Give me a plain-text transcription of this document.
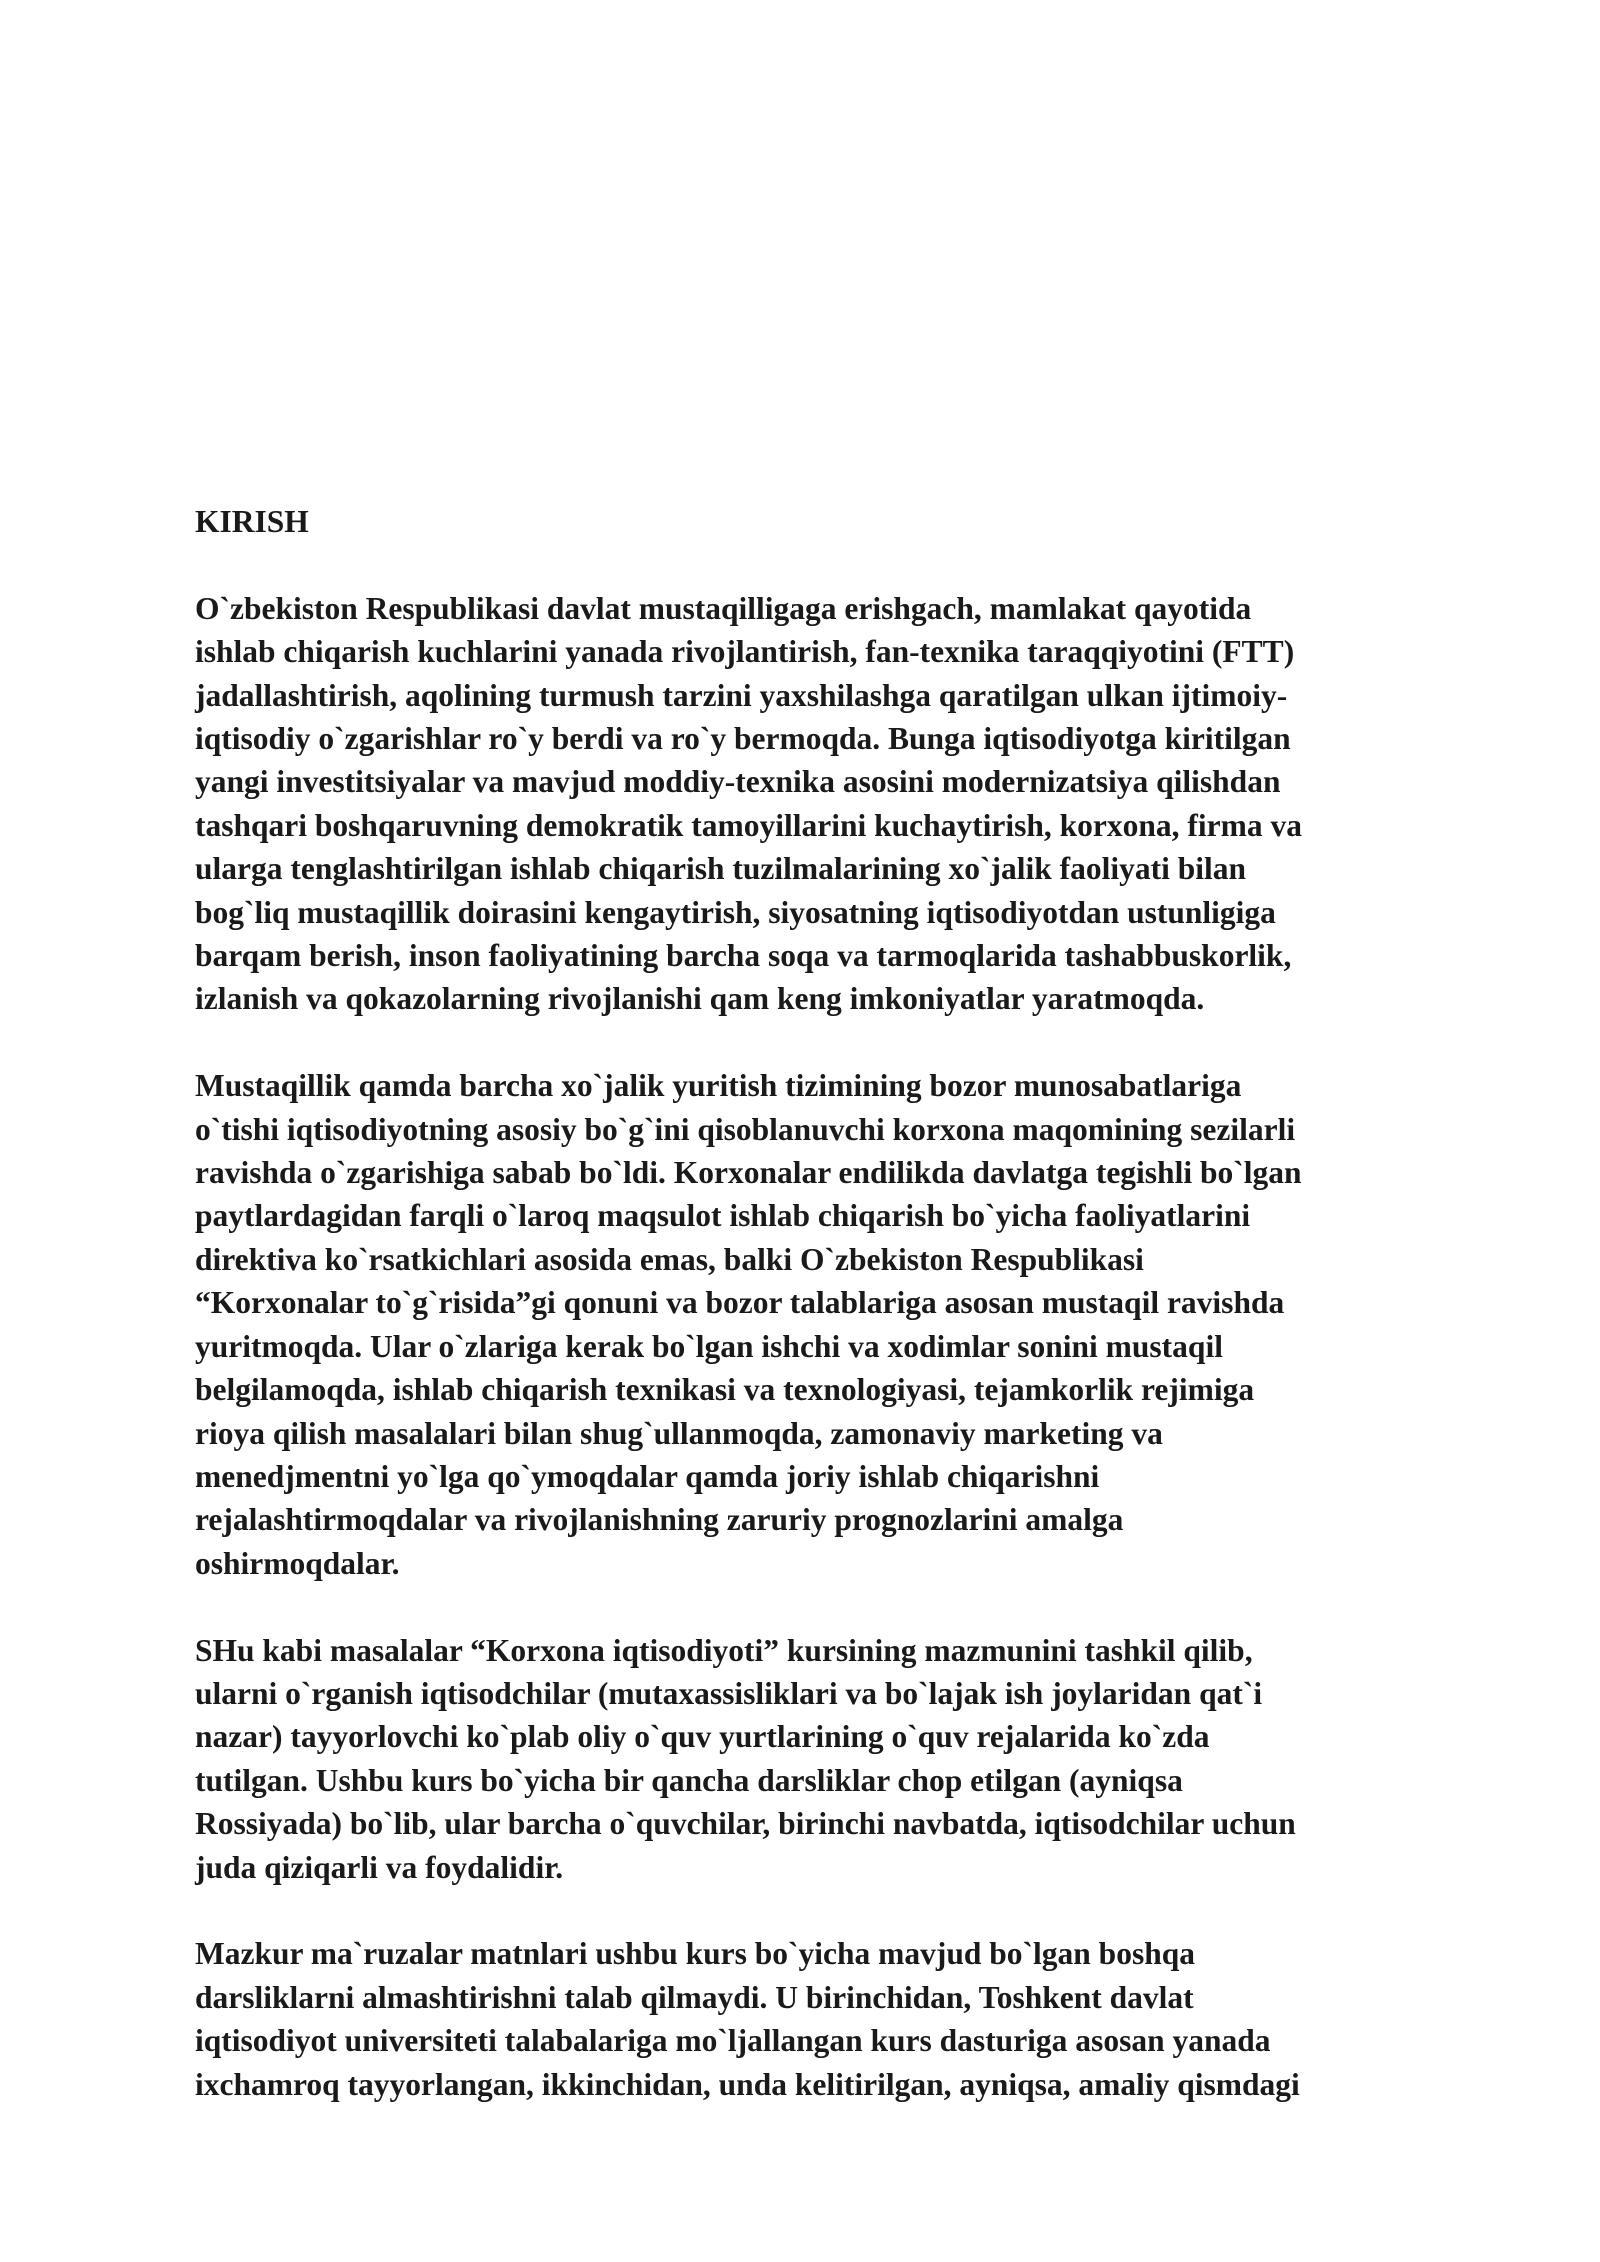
KIRISH

O`zbekiston Respublikasi davlat mustaqilligaga erishgach, mamlakat qayotida
ishlab chiqarish kuchlarini yanada rivojlantirish, fan-texnika taraqqiyotini (FTT)
jadallashtirish, aqolining turmush tarzini yaxshilashga qaratilgan ulkan ijtimoiy-
iqtisodiy o`zgarishlar ro`y berdi va ro`y bermoqda. Bunga iqtisodiyotga kiritilgan
yangi investitsiyalar va mavjud moddiy-texnika asosini modernizatsiya qilishdan
tashqari boshqaruvning demokratik tamoyillarini kuchaytirish, korxona, firma va
ularga tenglashtirilgan ishlab chiqarish tuzilmalarining xo`jalik faoliyati bilan
bog`liq mustaqillik doirasini kengaytirish, siyosatning iqtisodiyotdan ustunligiga
barqam berish, inson faoliyatining barcha soqa va tarmoqlarida tashabbuskorlik,
izlanish va qokazolarning rivojlanishi qam keng imkoniyatlar yaratmoqda.

Mustaqillik qamda barcha xo`jalik yuritish tizimining bozor munosabatlariga
o`tishi iqtisodiyotning asosiy bo`g`ini qisoblanuvchi korxona maqomining sezilarli
ravishda o`zgarishiga sabab bo`ldi. Korxonalar endilikda davlatga tegishli bo`lgan
paytlardagidan farqli o`laroq maqsulot ishlab chiqarish bo`yicha faoliyatlarini
direktiva ko`rsatkichlari asosida emas, balki O`zbekiston Respublikasi
“Korxonalar to`g`risida”gi qonuni va bozor talablariga asosan mustaqil ravishda
yuritmoqda. Ular o`zlariga kerak bo`lgan ishchi va xodimlar sonini mustaqil
belgilamoqda, ishlab chiqarish texnikasi va texnologiyasi, tejamkorlik rejimiga
rioya qilish masalalari bilan shug`ullanmoqda, zamonaviy marketing va
menedjmentni yo`lga qo`ymoqdalar qamda joriy ishlab chiqarishni
rejalashtirmoqdalar va rivojlanishning zaruriy prognozlarini amalga
oshirmoqdalar.

SHu kabi masalalar “Korxona iqtisodiyoti” kursining mazmunini tashkil qilib,
ularni o`rganish iqtisodchilar (mutaxassisliklari va bo`lajak ish joylaridan qat`i
nazar) tayyorlovchi ko`plab oliy o`quv yurtlarining o`quv rejalarida ko`zda
tutilgan. Ushbu kurs bo`yicha bir qancha darsliklar chop etilgan (ayniqsa
Rossiyada) bo`lib, ular barcha o`quvchilar, birinchi navbatda, iqtisodchilar uchun
juda qiziqarli va foydalidir.

Mazkur ma`ruzalar matnlari ushbu kurs bo`yicha mavjud bo`lgan boshqa
darsliklarni almashtirishni talab qilmaydi. U birinchidan, Toshkent davlat
iqtisodiyot universiteti talabalariga mo`ljallangan kurs dasturiga asosan yanada
ixchamroq tayyorlangan, ikkinchidan, unda kelitirilgan, ayniqsa, amaliy qismdagi
